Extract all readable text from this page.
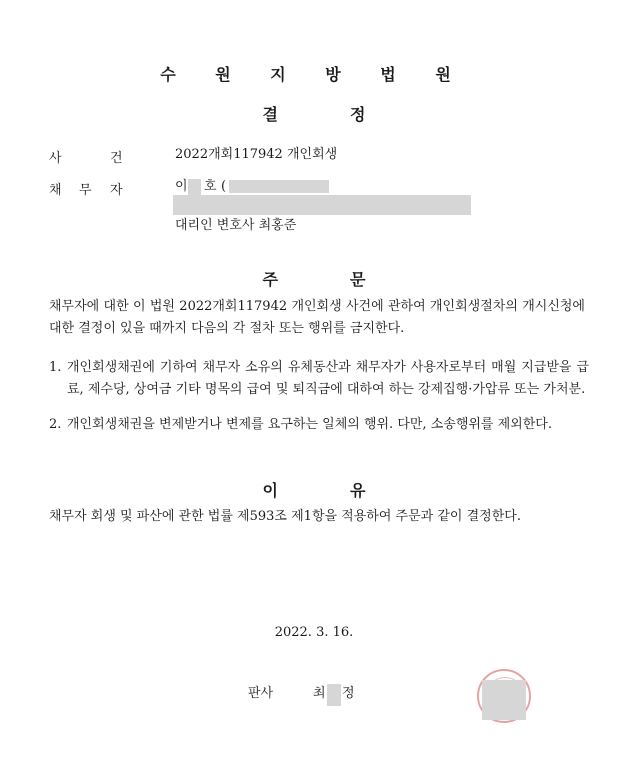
수 원 지 방 법 원
결	정
사	건	2022개회117942 개인회생
채 무 자	이 호 (
대리인 변호사 최홍준
주	문
채무자에 대한 이 법원 2022개회117942 개인회생 사건에 관하여 개인회생절차의 개시신청에 대한 결정이 있을 때까지 다음의 각 절차 또는 행위를 금지한다.
1. 개인회생채권에 기하여 채무자 소유의 유체동산과 채무자가 사용자로부터 매월 지급받을 급료, 제수당, 상여금 기타 명목의 급여 및 퇴직금에 대하여 하는 강제집행·가압류 또는 가처분.
2. 개인회생채권을 변제받거나 변제를 요구하는 일체의 행위. 다만, 소송행위를 제외한다.
이	유
채무자 회생 및 파산에 관한 법률 제593조 제1항을 적용하여 주문과 같이 결정한다.
2022. 3. 16.
판사	최 정
